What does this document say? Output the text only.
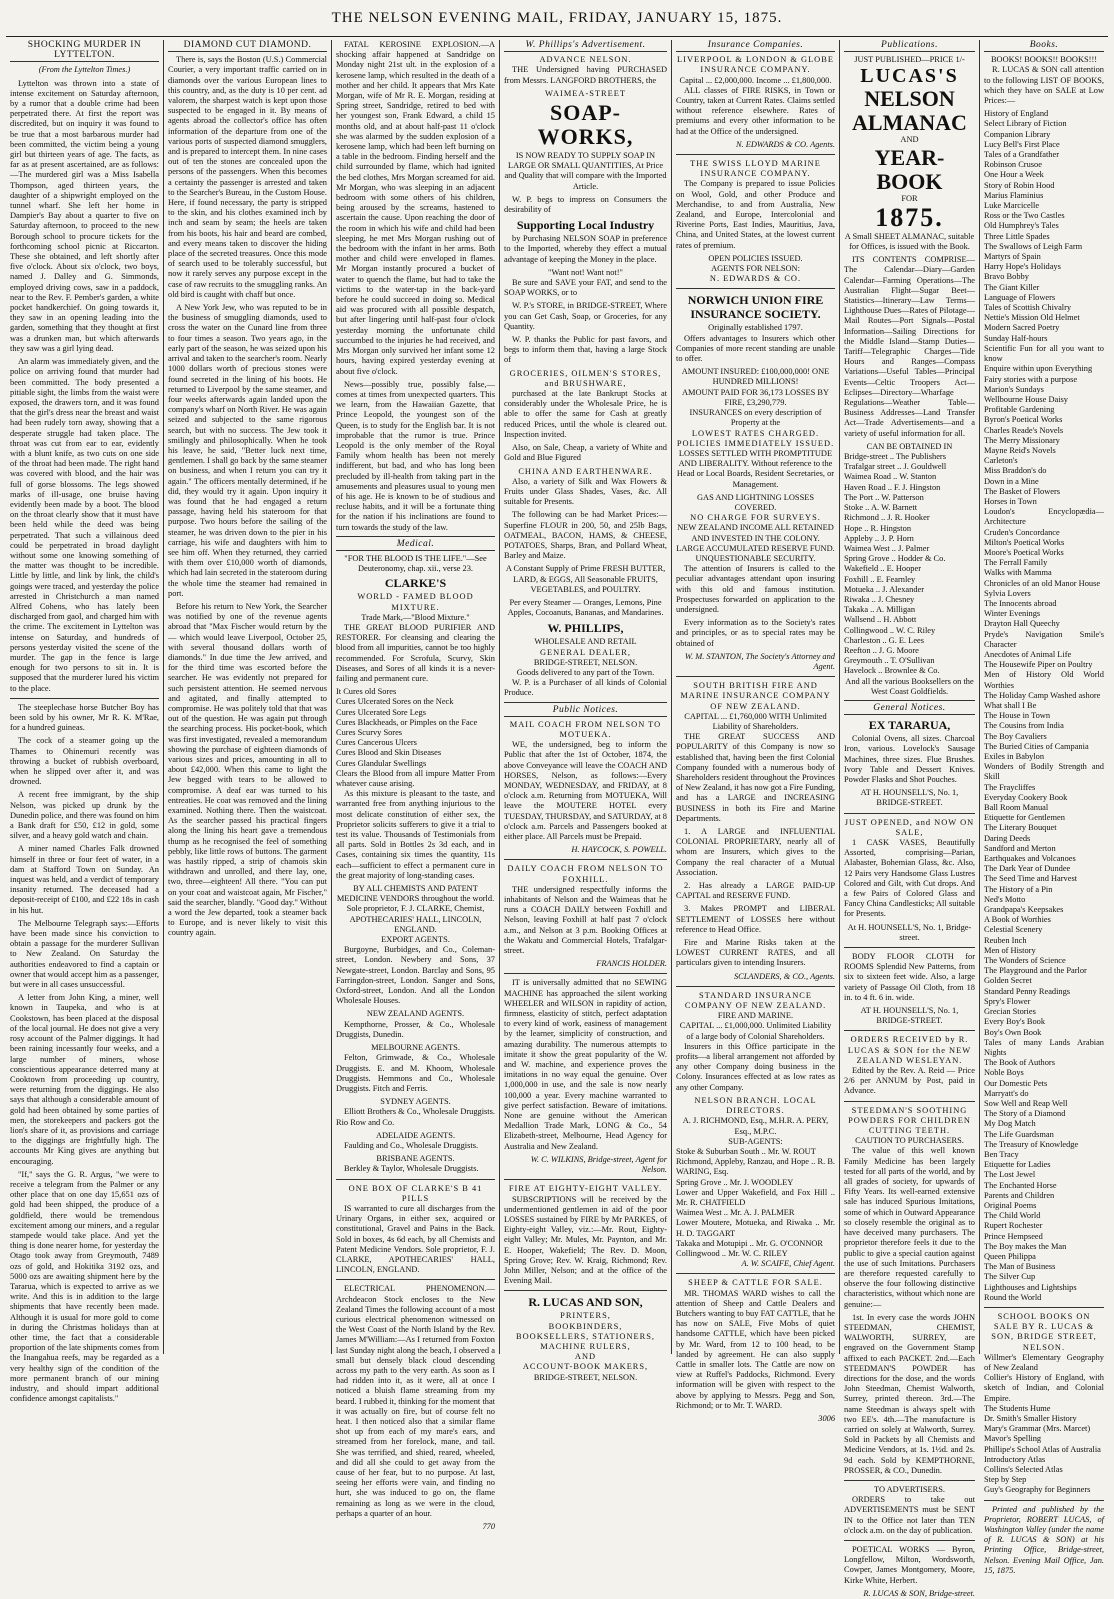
THE NELSON EVENING MAIL, FRIDAY, JANUARY 15, 1875.
SHOCKING MURDER IN LYTTELTON.
(From the Lyttelton Times.)

Lyttelton was thrown into a state of intense excitement on Saturday afternoon, by a rumor that a double crime had been perpetrated there. At first the report was discredited, but on inquiry it was found to be true that a most barbarous murder had been committed, the victim being a young girl but thirteen years of age. The facts, as far as at present ascertained, are as follows:—The murdered girl was a Miss Isabella Thompson, aged thirteen years, the daughter of a shipwright employed on the tunnel wharf. She left her home in Dampier's Bay about a quarter to five on Saturday afternoon, to proceed to the new Borough school to procure tickets for the forthcoming school picnic at Riccarton. These she obtained, and left shortly after five o'clock. About six o'clock, two boys, named J. Dalley and G. Simmonds, employed driving cows, saw in a paddock, near to the Rev. F. Pember's garden, a white pocket handkerchief. On going towards it, they saw in an opening leading into the garden, something that they thought at first was a drunken man, but which afterwards they saw was a girl lying dead.

An alarm was immediately given, and the police on arriving found that murder had been committed. The body presented a pitiable sight, the limbs from the waist were exposed, the drawers torn, and it was found that the girl's dress near the breast and waist had been rudely torn away, showing that a desperate struggle had taken place. The throat was cut from ear to ear, evidently with a blunt knife, as two cuts on one side of the throat had been made. The right hand was covered with blood, and the hair was full of gorse blossoms. The legs showed marks of ill-usage, one bruise having evidently been made by a boot. The blood on the throat clearly show that it must have been held while the deed was being perpetrated. That such a villainous deed could be perpetrated in broad daylight without some one knowing something of the matter was thought to be incredible. Little by little, and link by link, the child's goings were traced, and yesterday the police arrested in Christchurch a man named Alfred Cohens, who has lately been discharged from gaol, and charged him with the crime. The excitement in Lyttelton was intense on Saturday, and hundreds of persons yesterday visited the scene of the murder. The gap in the fence is large enough for two persons to sit in. It is supposed that the murderer lured his victim to the place.

The steeplechase horse Butcher Boy has been sold by his owner, Mr R. K. M'Rae, for a hundred guineas.

The cock of a steamer going up the Thames to Ohinemuri recently was throwing a bucket of rubbish overboard, when he slipped over after it, and was drowned.

A recent free immigrant, by the ship Nelson, was picked up drunk by the Dunedin police, and there was found on him a Bank draft for £50, £12 in gold, some silver, and a heavy gold watch and chain.

A miner named Charles Falk drowned himself in three or four feet of water, in a dam at Stafford Town on Sunday. An inquest was held, and a verdict of temporary insanity returned. The deceased had a deposit-receipt of £100, and £22 18s in cash in his hut.

The Melbourne Telegraph says:—Efforts have been made since his conviction to obtain a passage for the murderer Sullivan to New Zealand. On Saturday the authorities endeavored to find a captain or owner that would accept him as a passenger, but were in all cases unsuccessful.

A letter from John King, a miner, well known in Taupeka, and who is at Cookstown, has been placed at the disposal of the local journal. He does not give a very rosy account of the Palmer diggings. It had been raining incessantly four weeks, and a large number of miners, whose conscientious appearance deterred many at Cooktown from proceeding up country, were returning from the diggings. He also says that although a considerable amount of gold had been obtained by some parties of men, the storekeepers and packers got the lion's share of it, as provisions and carriage to the diggings are frightfully high. The accounts Mr King gives are anything but encouraging.

"If," says the G. R. Argus, "we were to receive a telegram from the Palmer or any other place that on one day 15,651 ozs of gold had been shipped, the produce of a goldfield, there would be tremendous excitement among our miners, and a regular stampede would take place. And yet the thing is done nearer home, for yesterday the Otago took away from Greymouth, 7489 ozs of gold, and Hokitika 3192 ozs, and 5000 ozs are awaiting shipment here by the Tararua, which is expected to arrive as we write. And this is in addition to the large shipments that have recently been made. Although it is usual for more gold to come in during the Christmas holidays than at other time, the fact that a considerable proportion of the late shipments comes from the Inangahua reefs, may be regarded as a very healthy sign of the condition of the more permanent branch of our mining industry, and should impart additional confidence amongst capitalists."

DIAMOND CUT DIAMOND.

There is, says the Boston (U.S.) Commercial Courier, a very important traffic carried on in diamonds over the various European lines to this country, and, as the duty is 10 per cent. ad valorem, the sharpest watch is kept upon those suspected to be engaged in it. By means of agents abroad the collector's office has often information of the departure from one of the various ports of suspected diamond smugglers, and is prepared to intercept them. In nine cases out of ten the stones are concealed upon the persons of the passengers. When this becomes a certainty the passenger is arrested and taken to the Searcher's Bureau, in the Custom House. Here, if found necessary, the party is stripped to the skin, and his clothes examined inch by inch and seam by seam; the heels are taken from his boots, his hair and beard are combed, and every means taken to discover the hiding place of the secreted treasures. Once this mode of search used to be tolerably successful, but now it rarely serves any purpose except in the case of raw recruits to the smuggling ranks. An old bird is caught with chaff but once.

A New York Jew, who was reputed to be in the business of smuggling diamonds, used to cross the water on the Cunard line from three to four times a season. Two years ago, in the early part of the season, he was seized upon his arrival and taken to the searcher's room. Nearly 1000 dollars worth of precious stones were found secreted in the lining of his boots. He returned to Liverpool by the same steamer, and four weeks afterwards again landed upon the company's wharf on North River. He was again seized and subjected to the same rigorous search, but with no success. The Jew took it smilingly and philosophically. When he took his leave, he said, "Better luck next time, gentlemen. I shall go back by the same steamer on business, and when I return you can try it again." The officers mentally determined, if he did, they would try it again. Upon inquiry it was found that he had engaged a return passage, having held his stateroom for that purpose. Two hours before the sailing of the steamer, he was driven down to the pier in his carriage, his wife and daughters with him to see him off. When they returned, they carried with them over £10,000 worth of diamonds, which had lain secreted in the stateroom during the whole time the steamer had remained in port.

Before his return to New York, the Searcher was notified by one of the revenue agents abroad that "Max Fischer would return by the — which would leave Liverpool, October 25, with several thousand dollars worth of diamonds." In due time the Jew arrived, and for the third time was escorted before the searcher. He was evidently not prepared for such persistent attention. He seemed nervous and agitated, and finally attempted to compromise. He was politely told that that was out of the question. He was again put through the searching process. His pocket-book, which was first investigated, revealed a memorandum showing the purchase of eighteen diamonds of various sizes and prices, amounting in all to about £42,000. When this came to light the Jew begged with tears to be allowed to compromise. A deaf ear was turned to his entreaties. He coat was removed and the lining examined. Nothing there. Then the waistcoat. As the searcher passed his practical fingers along the lining his heart gave a tremendous thump as he recognised the feel of something pebbly, like little rows of buttons. The garment was hastily ripped, a strip of chamois skin withdrawn and unrolled, and there lay, one, two, three—eighteen! All there. "You can put on your coat and waistcoat again, Mr Fischer," said the searcher, blandly. "Good day." Without a word the Jew departed, took a steamer back to Europe, and is never likely to visit this country again.

FATAL KEROSINE EXPLOSION.—A shocking affair happened at Sandridge on Monday night 21st ult. in the explosion of a kerosene lamp, which resulted in the death of a mother and her child. It appears that Mrs Kate Morgan, wife of Mr R. E. Morgan, residing at Spring street, Sandridge, retired to bed with her youngest son, Frank Edward, a child 15 months old, and at about half-past 11 o'clock she was alarmed by the sudden explosion of a kerosene lamp, which had been left burning on a table in the bedroom. Finding herself and the child surrounded by flame, which had ignited the bed clothes, Mrs Morgan screamed for aid. Mr Morgan, who was sleeping in an adjacent bedroom with some others of his children, being aroused by the screams, hastened to ascertain the cause. Upon reaching the door of the room in which his wife and child had been sleeping, he met Mrs Morgan rushing out of the bedroom with the infant in her arms. Both mother and child were enveloped in flames. Mr Morgan instantly procured a bucket of water to quench the flame, but had to take the victims to the water-tap in the back-yard before he could succeed in doing so. Medical aid was procured with all possible despatch, but after lingering until half-past four o'clock yesterday morning the unfortunate child succumbed to the injuries he had received, and Mrs Morgan only survived her infant some 12 hours, having expired yesterday evening at about five o'clock.

News—possibly true, possibly false,—comes at times from unexpected quarters. This we learn, from the Hawaiian Gazette, that Prince Leopold, the youngest son of the Queen, is to study for the English bar. It is not improbable that the rumor is true. Prince Leopold is the only member of the Royal Family whom health has been not merely indifferent, but bad, and who has long been precluded by ill-health from taking part in the amusements and pleasures usual to young men of his age. He is known to be of studious and recluse habits, and it will be a fortunate thing for the nation if his inclinations are found to turn towards the study of the law.

Medical.
"FOR THE BLOOD IS THE LIFE."—See Deuteronomy, chap. xii., verse 23.
CLARKE'S
WORLD - FAMED BLOOD MIXTURE.
Trade Mark,—"Blood Mixture."

THE GREAT BLOOD PURIFIER AND RESTORER. For cleansing and clearing the blood from all impurities, cannot be too highly recommended. For Scrofula, Scurvy, Skin Diseases, and Sores of all kinds it is a never-failing and permanent cure.

It Cures old Sores
Cures Ulcerated Sores on the Neck
Cures Ulcerated Sore Legs
Cures Blackheads, or Pimples on the Face
Cures Scurvy Sores
Cures Cancerous Ulcers
Cures Blood and Skin Diseases
Cures Glandular Swellings
Clears the Blood from all impure Matter From whatever cause arising.

As this mixture is pleasant to the taste, and warranted free from anything injurious to the most delicate constitution of either sex, the Proprietor solicits sufferers to give it a trial to test its value. Thousands of Testimonials from all parts. Sold in Bottles 2s 3d each, and in Cases, containing six times the quantity, 11s each—sufficient to effect a permanent cure in the great majority of long-standing cases.

BY ALL CHEMISTS AND PATENT MEDICINE VENDORS throughout the world.
Sole proprietor, F. J. CLARKE, Chemist, APOTHECARIES' HALL, LINCOLN, ENGLAND.
EXPORT AGENTS.

Burgoyne, Burbidges, and Co., Coleman-street, London. Newbery and Sons, 37 Newgate-street, London. Barclay and Sons, 95 Farringdon-street, London. Sanger and Sons, Oxford-street, London. And all the London Wholesale Houses.

NEW ZEALAND AGENTS.

Kempthorne, Prosser, & Co., Wholesale Druggists, Dunedin.

MELBOURNE AGENTS.

Felton, Grimwade, & Co., Wholesale Druggists. E. and M. Khoom, Wholesale Druggists. Hemmons and Co., Wholesale Druggists. Fitch and Ferris.

SYDNEY AGENTS.

Elliott Brothers & Co., Wholesale Druggists. Rio Row and Co.

ADELAIDE AGENTS.

Faulding and Co., Wholesale Druggists.

BRISBANE AGENTS.

Berkley & Taylor, Wholesale Druggists.

ONE BOX OF CLARKE'S B 41 PILLS

IS warranted to cure all discharges from the Urinary Organs, in either sex, acquired or constitutional, Gravel and Pains in the Back. Sold in boxes, 4s 6d each, by all Chemists and Patent Medicine Vendors. Sole proprietor, F. J. CLARKE, APOTHECARIES' HALL, LINCOLN, ENGLAND.

ELECTRICAL PHENOMENON.—Archdeacon Stock encloses to the New Zealand Times the following account of a most curious electrical phenomenon witnessed on the West Coast of the North Island by the Rev. James M'William:—As I returned from Foxton last Sunday night along the beach, I observed a small but densely black cloud descending across my path to the very earth. As soon as I had ridden into it, as it were, all at once I noticed a bluish flame streaming from my beard. I rubbed it, thinking for the moment that it was actually on fire, but of course felt no heat. I then noticed also that a similar flame shot up from each of my mare's ears, and streamed from her forelock, mane, and tail. She was terrified, and shied, reared, wheeled, and did all she could to get away from the cause of her fear, but to no purpose. At last, seeing her efforts were vain, and finding no hurt, she was induced to go on, the flame remaining as long as we were in the cloud, perhaps a quarter of an hour.

770
W. Phillips's Advertisement.
ADVANCE NELSON.

THE Undersigned having PURCHASED from Messrs. LANGFORD BROTHERS, the

WAIMEA-STREET
SOAP-WORKS,

IS NOW READY TO SUPPLY SOAP IN LARGE OR SMALL QUANTITIES, At Price and Quality that will compare with the Imported Article.

W. P. begs to impress on Consumers the desirability of

Supporting Local Industry

by Purchasing NELSON SOAP in preference to the Imported, whereby they effect a mutual advantage of keeping the Money in the place.

"Want not! Want not!"

Be sure and SAVE your FAT, and send to the SOAP WORKS, or to

W. P.'s STORE, in BRIDGE-STREET, Where you can Get Cash, Soap, or Groceries, for any Quantity.

W. P. thanks the Public for past favors, and begs to inform them that, having a large Stock of

GROCERIES, OILMEN'S STORES, and BRUSHWARE,

purchased at the late Bankrupt Stocks at considerably under the Wholesale Price, he is able to offer the same for Cash at greatly reduced Prices, until the whole is cleared out. Inspection invited.

Also, on Sale, Cheap, a variety of White and Gold and Blue Figured

CHINA AND EARTHENWARE.

Also, a variety of Silk and Wax Flowers & Fruits under Glass Shades, Vases, &c. All suitable for Presents.

The following can be had Market Prices:—Superfine FLOUR in 200, 50, and 25lb Bags, OATMEAL, BACON, HAMS, & CHEESE, POTATOES, Sharps, Bran, and Pollard Wheat, Barley and Maize.

A Constant Supply of Prime FRESH BUTTER, LARD, & EGGS, All Seasonable FRUITS, VEGETABLES, and POULTRY.

Per every Steamer — Oranges, Lemons, Pine Apples, Cocoanuts, Bananas, and Mandarines.

W. PHILLIPS,
WHOLESALE AND RETAIL
GENERAL DEALER,
BRIDGE-STREET, NELSON.
Goods delivered to any part of the Town.

W. P. is a Purchaser of all kinds of Colonial Produce.

Public Notices.
MAIL COACH FROM NELSON TO MOTUEKA.

WE, the undersigned, beg to inform the Public that after the 1st of October, 1874, the above Conveyance will leave the COACH AND HORSES, Nelson, as follows:—Every MONDAY, WEDNESDAY, and FRIDAY, at 8 o'clock a.m. Returning from MOTUEKA, Will leave the MOUTERE HOTEL every TUESDAY, THURSDAY, and SATURDAY, at 8 o'clock a.m. Parcels and Passengers booked at either place. All Parcels must be Prepaid.

H. HAYCOCK, S. POWELL.
DAILY COACH FROM NELSON TO FOXHILL.

THE undersigned respectfully informs the inhabitants of Nelson and the Waimeas that he runs a COACH DAILY between Foxhill and Nelson, leaving Foxhill at half past 7 o'clock a.m., and Nelson at 3 p.m. Booking Offices at the Wakatu and Commercial Hotels, Trafalgar-street.

FRANCIS HOLDER.

IT is universally admitted that no SEWING MACHINE has approached the silent working WHEELER and WILSON in rapidity of action, firmness, elasticity of stitch, perfect adaptation to every kind of work, easiness of management by the learner, simplicity of construction, and amazing durability. The numerous attempts to imitate it show the great popularity of the W. and W. machine, and experience proves the imitations in no way equal the genuine. Over 1,000,000 in use, and the sale is now nearly 100,000 a year. Every machine warranted to give perfect satisfaction. Beware of imitations. None are genuine without the American Medallion Trade Mark, LONG & Co., 54 Elizabeth-street, Melbourne, Head Agency for Australia and New Zealand.

W. C. WILKINS, Bridge-street, Agent for Nelson.
FIRE AT EIGHTY-EIGHT VALLEY.

SUBSCRIPTIONS will be received by the undermentioned gentlemen in aid of the poor LOSSES sustained by FIRE by Mr PARKES, of Eighty-eight Valley, viz.:—Mr. Rout, Eighty-eight Valley; Mr. Mules, Mr. Paynton, and Mr. E. Hooper, Wakefield; The Rev. D. Moon, Spring Grove; Rev. W. Kraig, Richmond; Rev. John Miller, Nelson; and at the office of the Evening Mail.

R. LUCAS AND SON,
PRINTERS,
BOOKBINDERS,
BOOKSELLERS, STATIONERS,
MACHINE RULERS,
AND
ACCOUNT-BOOK MAKERS,
BRIDGE-STREET, NELSON.
Insurance Companies.
LIVERPOOL & LONDON & GLOBE INSURANCE COMPANY.
Capital ... £2,000,000. Income ... £1,800,000.

ALL classes of FIRE RISKS, in Town or Country, taken at Current Rates. Claims settled without reference elsewhere. Rates of premiums and every other information to be had at the Office of the undersigned.

N. EDWARDS & CO. Agents.
THE SWISS LLOYD MARINE INSURANCE COMPANY.

The Company is prepared to issue Policies on Wool, Gold, and other Produce and Merchandise, to and from Australia, New Zealand, and Europe, Intercolonial and Riverine Ports, East Indies, Mauritius, Java, China, and United States, at the lowest current rates of premium.

OPEN POLICIES ISSUED.
AGENTS FOR NELSON:
N. EDWARDS & CO.
NORWICH UNION FIRE INSURANCE SOCIETY.
Originally established 1797.

Offers advantages to Insurers which other Companies of more recent standing are unable to offer.

AMOUNT INSURED: £100,000,000! ONE HUNDRED MILLIONS!
AMOUNT PAID FOR 36,173 LOSSES BY FIRE, £3,290,779.
INSURANCES on every description of Property at the
LOWEST RATES CHARGED.
POLICIES IMMEDIATELY ISSUED.

LOSSES SETTLED WITH PROMPTITUDE AND LIBERALITY. Without reference to the Head or Local Boards, Resident Secretaries, or Management.

GAS AND LIGHTNING LOSSES COVERED.
NO CHARGE FOR SURVEYS.
NEW ZEALAND INCOME ALL RETAINED AND INVESTED IN THE COLONY.
LARGE ACCUMULATED RESERVE FUND.
UNQUESTIONABLE SECURITY.

The attention of Insurers is called to the peculiar advantages attendant upon insuring with this old and famous institution. Prospectuses forwarded on application to the undersigned.

Every information as to the Society's rates and principles, or as to special rates may be obtained of

W. M. STANTON, The Society's Attorney and Agent.
SOUTH BRITISH FIRE AND MARINE INSURANCE COMPANY OF NEW ZEALAND.
CAPITAL ... £1,760,000 WITH Unlimited Liability of Shareholders.

THE GREAT SUCCESS AND POPULARITY of this Company is now so established that, having been the first Colonial Company founded with a numerous body of Shareholders resident throughout the Provinces of New Zealand, it has now got a Fire Funding, and has a LARGE and INCREASING BUSINESS in both its Fire and Marine Departments.

1. A LARGE and INFLUENTIAL COLONIAL PROPRIETARY, nearly all of whom are Insurers, which gives to the Company the real character of a Mutual Association.

2. Has already a LARGE PAID-UP CAPITAL and RESERVE FUND.

3. Makes PROMPT and LIBERAL SETTLEMENT of LOSSES here without reference to Head Office.

Fire and Marine Risks taken at the LOWEST CURRENT RATES, and all particulars given to intending Insurers.

SCLANDERS, & CO., Agents.
STANDARD INSURANCE COMPANY OF NEW ZEALAND.
FIRE AND MARINE.
CAPITAL ... £1,000,000. Unlimited Liability of a large body of Colonial Shareholders.

Insurers in this Office participate in the profits—a liberal arrangement not afforded by any other Company doing business in the Colony. Insurances effected at as low rates as any other Company.

NELSON BRANCH. LOCAL DIRECTORS.
A. J. RICHMOND, Esq., M.H.R. A. PERY, Esq., M.P.C.
SUB-AGENTS:
Stoke & Suburban South .. Mr. W. ROUT
Richmond, Appleby, Ranzau, and Hope .. R. B. WARING, Esq.
Spring Grove .. Mr. J. WOODLEY
Lower and Upper Wakefield, and Fox Hill .. Mr. R. CHATFIELD
Waimea West .. Mr. A. J. PALMER
Lower Moutere, Motueka, and Riwaka .. Mr. H. D. TAGGART
Takaka and Motupipi .. Mr. G. O'CONNOR
Collingwood .. Mr. W. C. RILEY
A. W. SCAIFE, Chief Agent.
SHEEP & CATTLE FOR SALE.

MR. THOMAS WARD wishes to call the attention of Sheep and Cattle Dealers and Butchers wanting to buy FAT CATTLE, that he has now on SALE, Five Mobs of quiet handsome CATTLE, which have been picked by Mr. Ward, from 12 to 100 head, to be landed by agreement. He can also supply Cattle in smaller lots. The Cattle are now on view at Ruffel's Paddocks, Richmond. Every information will be given with respect to the above by applying to Messrs. Pegg and Son, Richmond; or to Mr. T. WARD.

3006
Publications.
JUST PUBLISHED—PRICE 1/-
LUCAS'S
NELSON ALMANAC
AND
YEAR-BOOK
FOR
1875.

A Small SHEET ALMANAC, suitable for Offices, is issued with the Book.

ITS CONTENTS COMPRISE—The Calendar—Diary—Garden Calendar—Farming Operations—The Australian Flight—Sugar Beet—Statistics—Itinerary—Law Terms—Lighthouse Dues—Rates of Pilotage—Mail Routes—Port Signals—Postal Information—Sailing Directions for the Middle Island—Stamp Duties—Tariff—Telegraphic Charges—Tide Hours and Ranges—Compass Variations—Useful Tables—Principal Events—Celtic Troopers Act—Eclipses—Directory—Wharfage Regulations—Weather Table—Business Addresses—Land Transfer Act—Trade Advertisements—and a variety of useful information for all.

CAN BE OBTAINED IN
Bridge-street .. The Publishers
Trafalgar street .. J. Gouldwell
Waimea Road .. W. Stanton
Haven Road .. F. J. Hingston
The Port .. W. Patterson
Stoke .. A. W. Barnett
Richmond .. J. R. Hooker
Hope .. R. Hingston
Appleby .. J. P. Horn
Waimea West .. J. Palmer
Spring Grove .. Hodder & Co.
Wakefield .. E. Hooper
Foxhill .. E. Fearnley
Motueka .. J. Alexander
Riwaka .. J. Chesney
Takaka .. A. Milligan
Wallsend .. H. Abbott
Collingwood .. W. C. Riley
Charleston .. G. E. Lees
Reefton .. J. G. Moore
Greymouth .. T. O'Sullivan
Havelock .. Brownlee & Co.

And all the various Booksellers on the West Coast Goldfields.

General Notices.
EX TARARUA,

Colonial Ovens, all sizes. Charcoal Iron, various. Lovelock's Sausage Machines, three sizes. Flue Brushes. Ivory Table and Dessert Knives. Powder Flasks and Shot Pouches.

AT H. HOUNSELL'S, No. 1, BRIDGE-STREET.
JUST OPENED, and NOW ON SALE,

1 CASK VASES, Beautifully Assorted, comprising—Parian, Alabaster, Bohemian Glass, &c. Also, 12 Pairs very Handsome Glass Lustres Colored and Gilt, with Cut drops. And a few Pairs of Colored Glass and Fancy China Candlesticks; All suitable for Presents.

At H. HOUNSELL'S, No. 1, Bridge-street.

BODY FLOOR CLOTH for ROOMS Splendid New Patterns, from six to sixteen feet wide. Also, a large variety of Passage Oil Cloth, from 18 in. to 4 ft. 6 in. wide.

AT H. HOUNSELL'S, No. 1, BRIDGE-STREET.
ORDERS RECEIVED by R. LUCAS & SON for the NEW ZEALAND WESLEYAN.

Edited by the Rev. A. Reid — Price 2/6 per ANNUM by Post, paid in Advance.

STEEDMAN'S SOOTHING POWDERS FOR CHILDREN CUTTING TEETH.
CAUTION TO PURCHASERS.

The value of this well known Family Medicine has been largely tested for all parts of the world, and by all grades of society, for upwards of Fifty Years. Its well-earned extensive sale has induced Spurious Imitations, some of which in Outward Appearance so closely resemble the original as to have deceived many purchasers. The proprietor therefore feels it due to the public to give a special caution against the use of such Imitations. Purchasers are therefore requested carefully to observe the four following distinctive characteristics, without which none are genuine:—

1st. In every case the words JOHN STEEDMAN, CHEMIST, WALWORTH, SURREY, are engraved on the Government Stamp affixed to each PACKET. 2nd.—Each STEEDMAN'S POWDER has directions for the dose, and the words John Steedman, Chemist Walworth, Surrey, printed thereon. 3rd.—The name Steedman is always spelt with two EE's. 4th.—The manufacture is carried on solely at Walworth, Surrey. Sold in Packets by all Chemists and Medicine Vendors, at 1s. 1½d. and 2s. 9d each. Sold by KEMPTHORNE, PROSSER, & CO., Dunedin.

TO ADVERTISERS.

ORDERS to take out ADVERTISEMENTS must be SENT IN to the Office not later than TEN o'clock a.m. on the day of publication.

POETICAL WORKS — Byron, Longfellow, Milton, Wordsworth, Cowper, James Montgomery, Moore, Kirke White, Herbert.

R. LUCAS & SON, Bridge-street.
Books.
BOOKS! BOOKS!! BOOKS!!!

R. LUCAS & SON call attention to the following LIST OF BOOKS, which they have on SALE at Low Prices:—

History of England
Select Library of Fiction
Companion Library
Lucy Bell's First Place
Tales of a Grandfather
Robinson Crusoe
One Hour a Week
Story of Robin Hood
Marius Flaminius
Luke Marcicelle
Ross or the Two Castles
Old Humphrey's Tales
Three Little Spades
The Swallows of Leigh Farm
Martyrs of Spain
Harry Hope's Holidays
Bravo Bobby
The Giant Killer
Language of Flowers
Tales of Scottish Chivalry
Nettie's Mission Old Helmet
Modern Sacred Poetry
Sunday Half-hours
Scientific Fun for all you want to know
Enquire within upon Everything
Fairy stories with a purpose
Marion's Sundays
Wellbourne House Daisy
Profitable Gardening
Byron's Poetical Works
Charles Reade's Novels
The Merry Missionary
Mayne Reid's Novels
Carleton's
Miss Braddon's do
Down in a Mine
The Basket of Flowers
Horses in Town
Loudon's Encyclopædia—Architecture
Cruden's Concordance
Milton's Poetical Works
Moore's Poetical Works
The Ferrall Family
Walks with Mamma
Chronicles of an old Manor House
Sylvia Lovers
The Innocents abroad
Winter Evenings
Drayton Hall Queechy
Pryde's Navigation Smile's Character
Anecdotes of Animal Life
The Housewife Piper on Poultry
Men of History Old World Worthies
The Holiday Camp Washed ashore
What shall I Be
The House in Town
The Cousins from India
The Boy Cavaliers
The Buried Cities of Campania
Exiles in Babylon
Wonders of Bodily Strength and Skill
The Fraycliffes
Everyday Cookery Book
Ball Room Manual
Etiquette for Gentlemen
The Literary Bouquet
Daring Deeds
Sandford and Merton
Earthquakes and Volcanoes
The Dark Year of Dundee
The Seed Time and Harvest
The History of a Pin
Ned's Motto
Grandpapa's Keepsakes
A Book of Worthies
Celestial Scenery
Reuben Inch
Men of History
The Wonders of Science
The Playground and the Parlor
Golden Secret
Standard Penny Readings
Spry's Flower
Grecian Stories
Every Boy's Book
Boy's Own Book
Tales of many Lands Arabian Nights
The Book of Authors
Noble Boys
Our Domestic Pets
Marryatt's do
Sow Well and Reap Well
The Story of a Diamond
My Dog Match
The Life Guardsman
The Treasury of Knowledge
Ben Tracy
Etiquette for Ladies
The Lost Jewel
The Enchanted Horse
Parents and Children
Original Poems
The Child World
Rupert Rochester
Prince Hempseed
The Boy makes the Man
Queen Philippa
The Man of Business
The Silver Cup
Lighthouses and Lightships
Round the World
SCHOOL BOOKS ON SALE BY R. LUCAS & SON, BRIDGE STREET, NELSON.
Willmer's Elementary Geography of New Zealand
Collier's History of England, with sketch of Indian, and Colonial Empire.
The Students Hume
Dr. Smith's Smaller History
Mary's Grammar (Mrs. Marcet)
Mavor's Spelling
Phillipe's School Atlas of Australia
Introductory Atlas
Collins's Selected Atlas
Step by Step
Guy's Geography for Beginners

Printed and published by the Proprietor, ROBERT LUCAS, of Washington Valley (under the name of R. LUCAS & SON) at his Printing Office, Bridge-street, Nelson. Evening Mail Office, Jan. 15, 1875.
